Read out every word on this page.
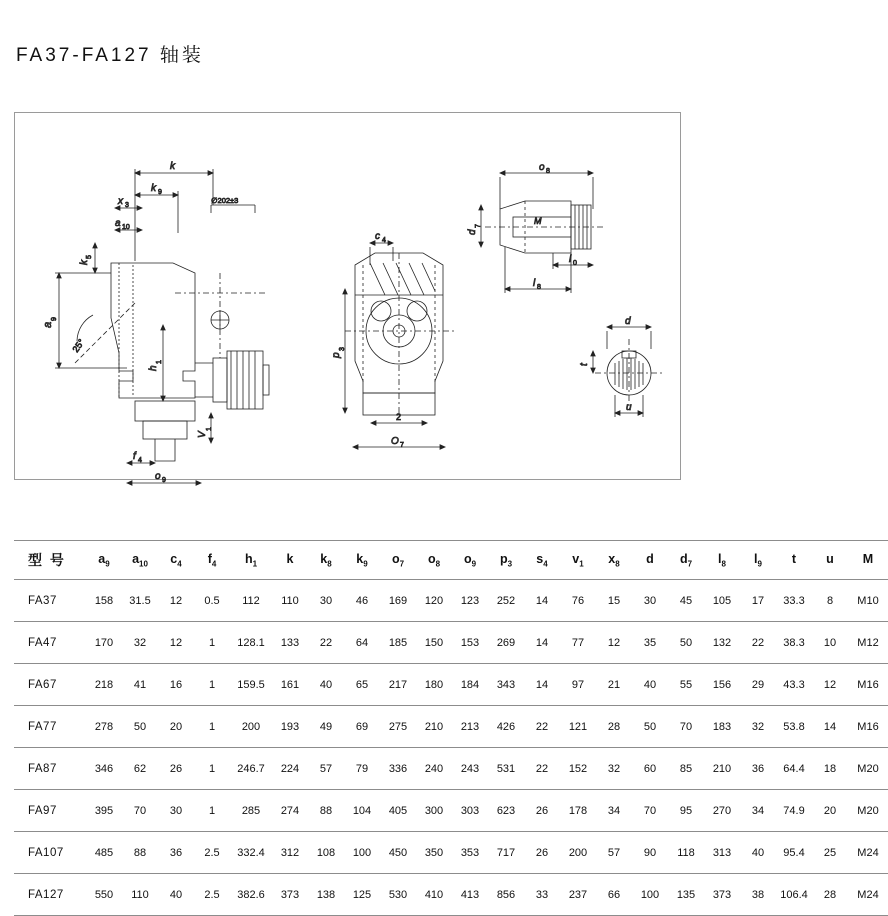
FA37-FA127 轴装
k
k 9
x 3
a 10
k
5
a
9
∅202±3
25°
h
1
V
1
f 4
o 9
c 4
p
3
2
O 7
o 8
M
d
7
l 0
l 8
d
t
u
型 号	$a_9$	$a_{10}$	$c_4$	$f_4$	$h_1$	k	$k_8$	$k_9$	$o_7$	$o_8$	$o_9$	$p_3$	$s_4$	$v_1$	$x_8$	d	$d_7$	$l_8$	$l_9$	t	u	M
FA37	158	31.5	12	0.5	112	110	30	46	169	120	123	252	14	76	15	30	45	105	17	33.3	8	M10
FA47	170	32	12	1	128.1	133	22	64	185	150	153	269	14	77	12	35	50	132	22	38.3	10	M12
FA67	218	41	16	1	159.5	161	40	65	217	180	184	343	14	97	21	40	55	156	29	43.3	12	M16
FA77	278	50	20	1	200	193	49	69	275	210	213	426	22	121	28	50	70	183	32	53.8	14	M16
FA87	346	62	26	1	246.7	224	57	79	336	240	243	531	22	152	32	60	85	210	36	64.4	18	M20
FA97	395	70	30	1	285	274	88	104	405	300	303	623	26	178	34	70	95	270	34	74.9	20	M20
FA107	485	88	36	2.5	332.4	312	108	100	450	350	353	717	26	200	57	90	118	313	40	95.4	25	M24
FA127	550	110	40	2.5	382.6	373	138	125	530	410	413	856	33	237	66	100	135	373	38	106.4	28	M24
